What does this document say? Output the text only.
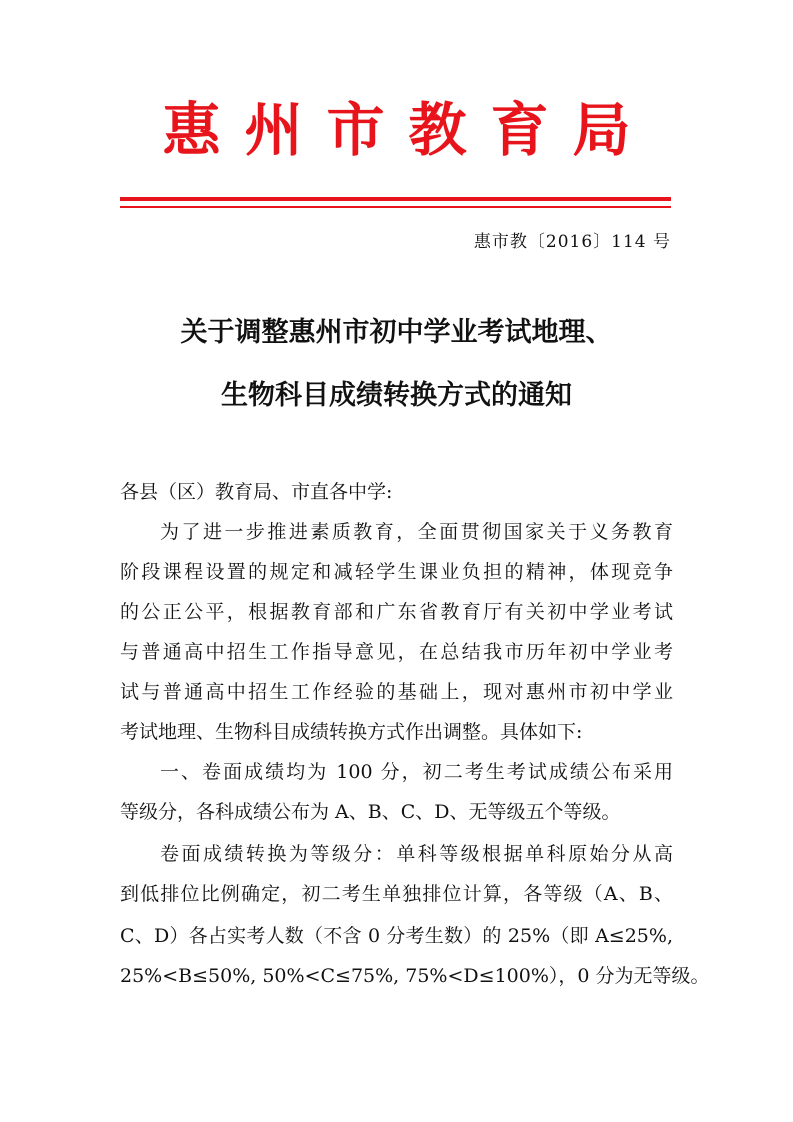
惠州市教育局
惠市教〔2016〕114 号
关于调整惠州市初中学业考试地理、
生物科目成绩转换方式的通知
各县（区）教育局、市直各中学:
为了进一步推进素质教育，全面贯彻国家关于义务教育
阶段课程设置的规定和减轻学生课业负担的精神，体现竞争
的公正公平，根据教育部和广东省教育厅有关初中学业考试
与普通高中招生工作指导意见，在总结我市历年初中学业考
试与普通高中招生工作经验的基础上，现对惠州市初中学业
考试地理、生物科目成绩转换方式作出调整。具体如下:
一、卷面成绩均为 100 分，初二考生考试成绩公布采用
等级分，各科成绩公布为 A、B、C、D、无等级五个等级。
卷面成绩转换为等级分：单科等级根据单科原始分从高
到低排位比例确定，初二考生单独排位计算，各等级（A、B、
C、D）各占实考人数（不含 0 分考生数）的 25%（即 A≤25%,
25%<B≤50%, 50%<C≤75%, 75%<D≤100%），0 分为无等级。
